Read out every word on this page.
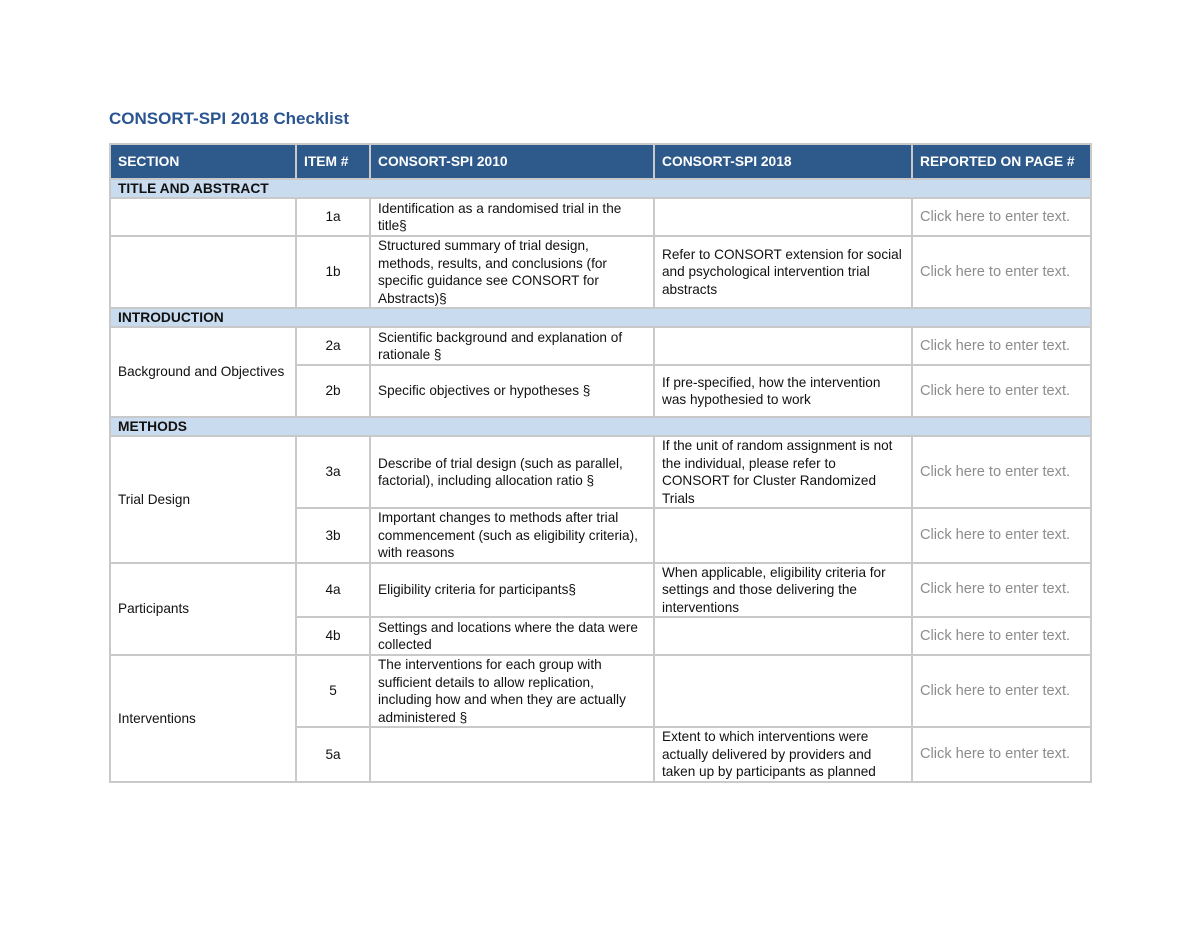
CONSORT-SPI 2018 Checklist
SECTION	ITEM #	CONSORT-SPI 2010	CONSORT-SPI 2018	REPORTED ON PAGE #
TITLE AND ABSTRACT				
	1a	Identification as a randomised trial in the title§		Click here to enter text.
	1b	Structured summary of trial design, methods, results, and conclusions (for specific guidance see CONSORT for Abstracts)§	Refer to CONSORT extension for social and psychological intervention trial abstracts	Click here to enter text.
INTRODUCTION				
Background and Objectives	2a	Scientific background and explanation of rationale §		Click here to enter text.
	2b	Specific objectives or hypotheses §	If pre-specified, how the intervention was hypothesied to work	Click here to enter text.
METHODS				
Trial Design	3a	Describe of trial design (such as parallel, factorial), including allocation ratio §	If the unit of random assignment is not the individual, please refer to CONSORT for Cluster Randomized Trials	Click here to enter text.
	3b	Important changes to methods after trial commencement (such as eligibility criteria), with reasons		Click here to enter text.
Participants	4a	Eligibility criteria for participants§	When applicable, eligibility criteria for settings and those delivering the interventions	Click here to enter text.
	4b	Settings and locations where the data were collected		Click here to enter text.
Interventions	5	The interventions for each group with sufficient details to allow replication, including how and when they are actually administered §		Click here to enter text.
	5a		Extent to which interventions were actually delivered by providers and taken up by participants as planned	Click here to enter text.
